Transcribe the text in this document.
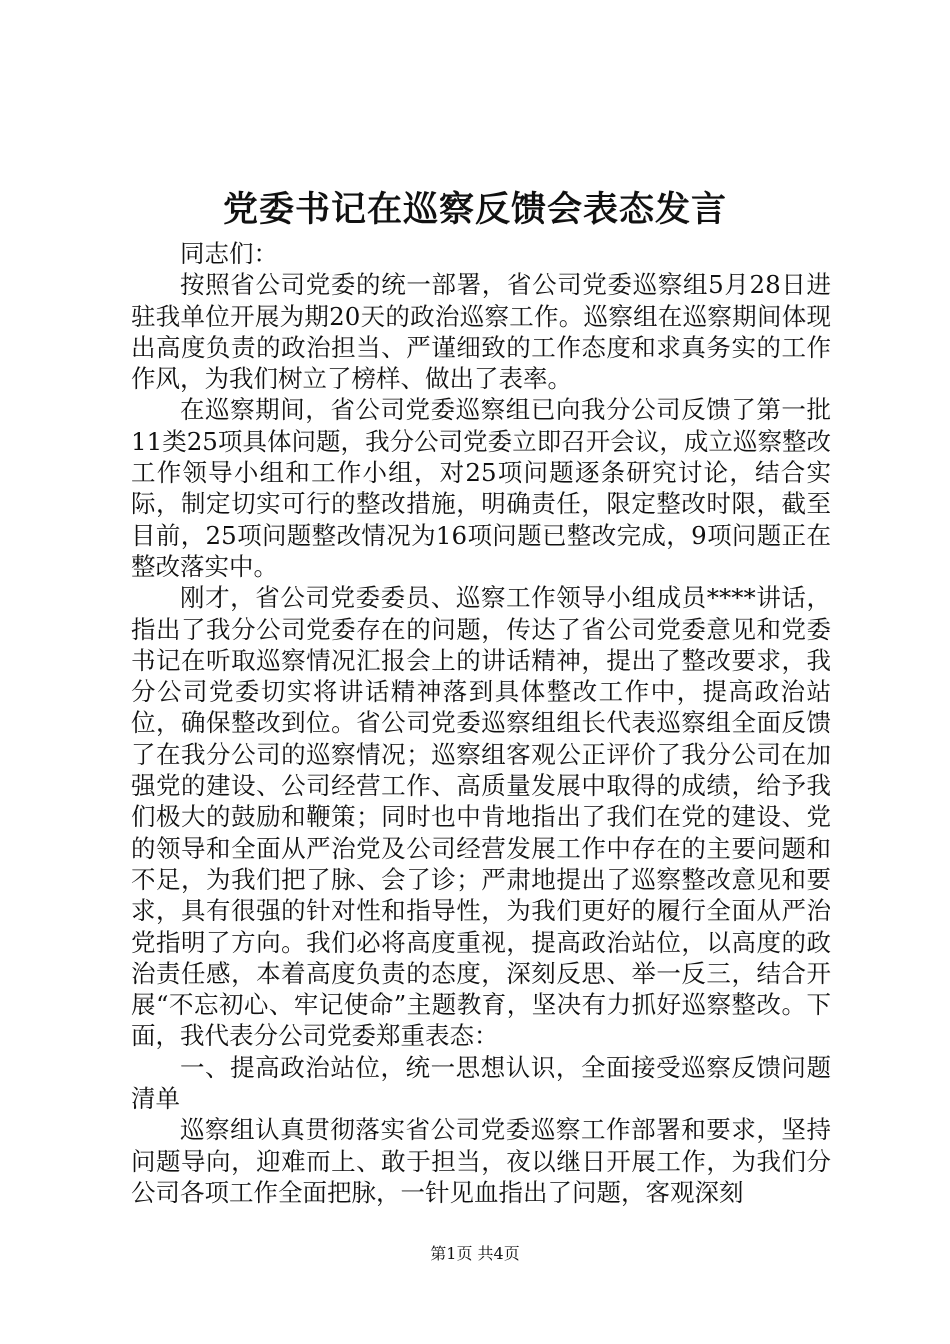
党委书记在巡察反馈会表态发言

同志们：

按照省公司党委的统一部署，省公司党委巡察组5月28日进驻我单位开展为期20天的政治巡察工作。巡察组在巡察期间体现出高度负责的政治担当、严谨细致的工作态度和求真务实的工作作风，为我们树立了榜样、做出了表率。

在巡察期间，省公司党委巡察组已向我分公司反馈了第一批11类25项具体问题，我分公司党委立即召开会议，成立巡察整改工作领导小组和工作小组，对25项问题逐条研究讨论，结合实际，制定切实可行的整改措施，明确责任，限定整改时限，截至目前，25项问题整改情况为16项问题已整改完成，9项问题正在整改落实中。

刚才，省公司党委委员、巡察工作领导小组成员****讲话，指出了我分公司党委存在的问题，传达了省公司党委意见和党委书记在听取巡察情况汇报会上的讲话精神，提出了整改要求，我分公司党委切实将讲话精神落到具体整改工作中，提高政治站位，确保整改到位。省公司党委巡察组组长代表巡察组全面反馈了在我分公司的巡察情况；巡察组客观公正评价了我分公司在加强党的建设、公司经营工作、高质量发展中取得的成绩，给予我们极大的鼓励和鞭策；同时也中肯地指出了我们在党的建设、党的领导和全面从严治党及公司经营发展工作中存在的主要问题和不足，为我们把了脉、会了诊；严肃地提出了巡察整改意见和要求，具有很强的针对性和指导性，为我们更好的履行全面从严治党指明了方向。我们必将高度重视，提高政治站位，以高度的政治责任感，本着高度负责的态度，深刻反思、举一反三，结合开展“不忘初心、牢记使命”主题教育，坚决有力抓好巡察整改。下面，我代表分公司党委郑重表态：

一、提高政治站位，统一思想认识，全面接受巡察反馈问题清单

巡察组认真贯彻落实省公司党委巡察工作部署和要求，坚持问题导向，迎难而上、敢于担当，夜以继日开展工作，为我们分公司各项工作全面把脉，一针见血指出了问题，客观深刻

第1页 共4页
